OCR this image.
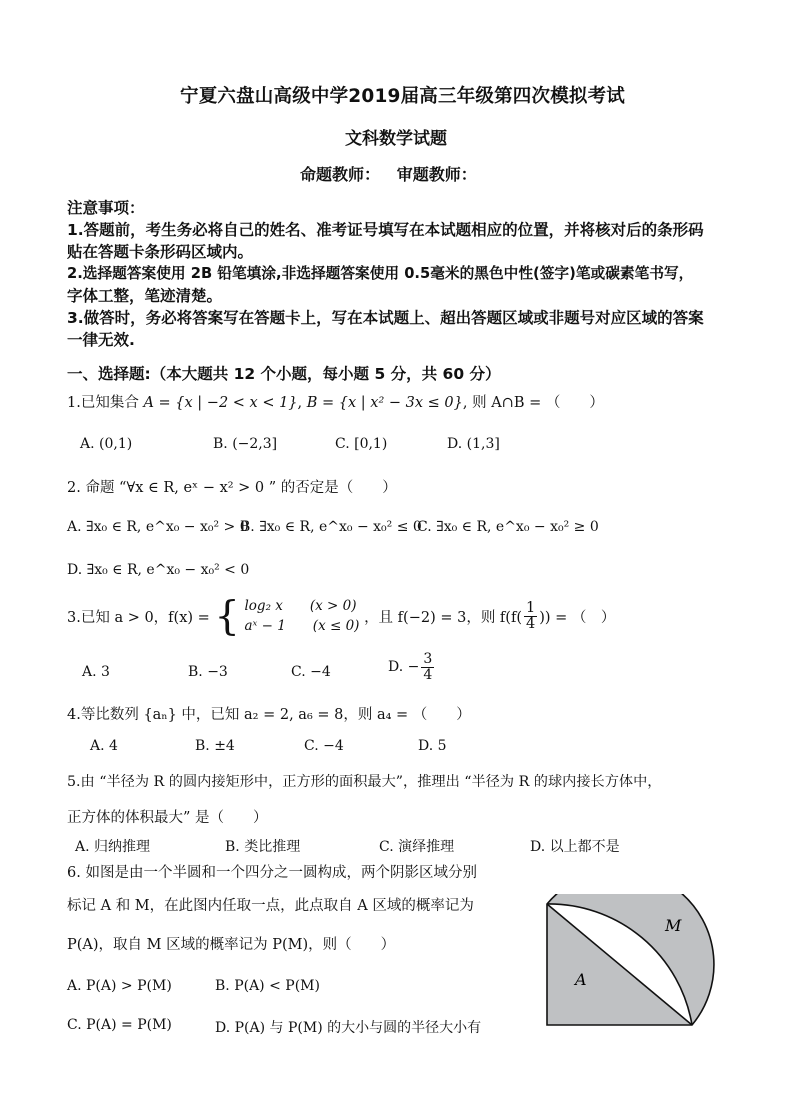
宁夏六盘山高级中学2019届高三年级第四次模拟考试
文科数学试题
命题教师：   审题教师：
注意事项：
1.答题前，考生务必将自己的姓名、准考证号填写在本试题相应的位置，并将核对后的条形码
贴在答题卡条形码区域内。
2.选择题答案使用 2B 铅笔填涂,非选择题答案使用 0.5毫米的黑色中性(签字)笔或碳素笔书写，
字体工整，笔迹清楚。
3.做答时，务必将答案写在答题卡上，写在本试题上、超出答题区域或非题号对应区域的答案
一律无效.
一、选择题:（本大题共 12 个小题，每小题 5 分，共 60 分）
1.已知集合 A = {x | −2 < x < 1}, B = {x | x² − 3x ≤ 0}, 则 A∩B = （　　）
A. (0,1)	B. (−2,3]	C. [0,1)	D. (1,3]
2. 命题 “∀x ∈ R, eˣ − x² > 0 ” 的否定是（　　）
A. ∃x₀ ∈ R, e^x₀ − x₀² > 0
B. ∃x₀ ∈ R, e^x₀ − x₀² ≤ 0
C. ∃x₀ ∈ R, e^x₀ − x₀² ≥ 0
D. ∃x₀ ∈ R, e^x₀ − x₀² < 0
3.已知 a > 0，f(x) = { log₂ x　　(x > 0)
aˣ − 1　　(x ≤ 0)
，且 f(−2) = 3，则 $f(f( \frac{1}{4}$ )) = （　）
A. 3	B. −3	C. −4	D. − $\frac{3}{4}$
4.等比数列 {aₙ} 中，已知 a₂ = 2, a₆ = 8，则 a₄ = （　　）
A. 4	B. ±4	C. −4	D. 5
5.由 “半径为 R 的圆内接矩形中，正方形的面积最大”，推理出 “半径为 R 的球内接长方体中，
正方体的体积最大” 是（　　）
A. 归纳推理	B. 类比推理	C. 演绎推理	D. 以上都不是
6. 如图是由一个半圆和一个四分之一圆构成，两个阴影区域分别
标记 A 和 M，在此图内任取一点，此点取自 A 区域的概率记为
P(A)，取自 M 区域的概率记为 P(M)，则（　　）
A. P(A) > P(M)	B. P(A) < P(M)
C. P(A) = P(M)	D. P(A) 与 P(M) 的大小与圆的半径大小有
A
M
